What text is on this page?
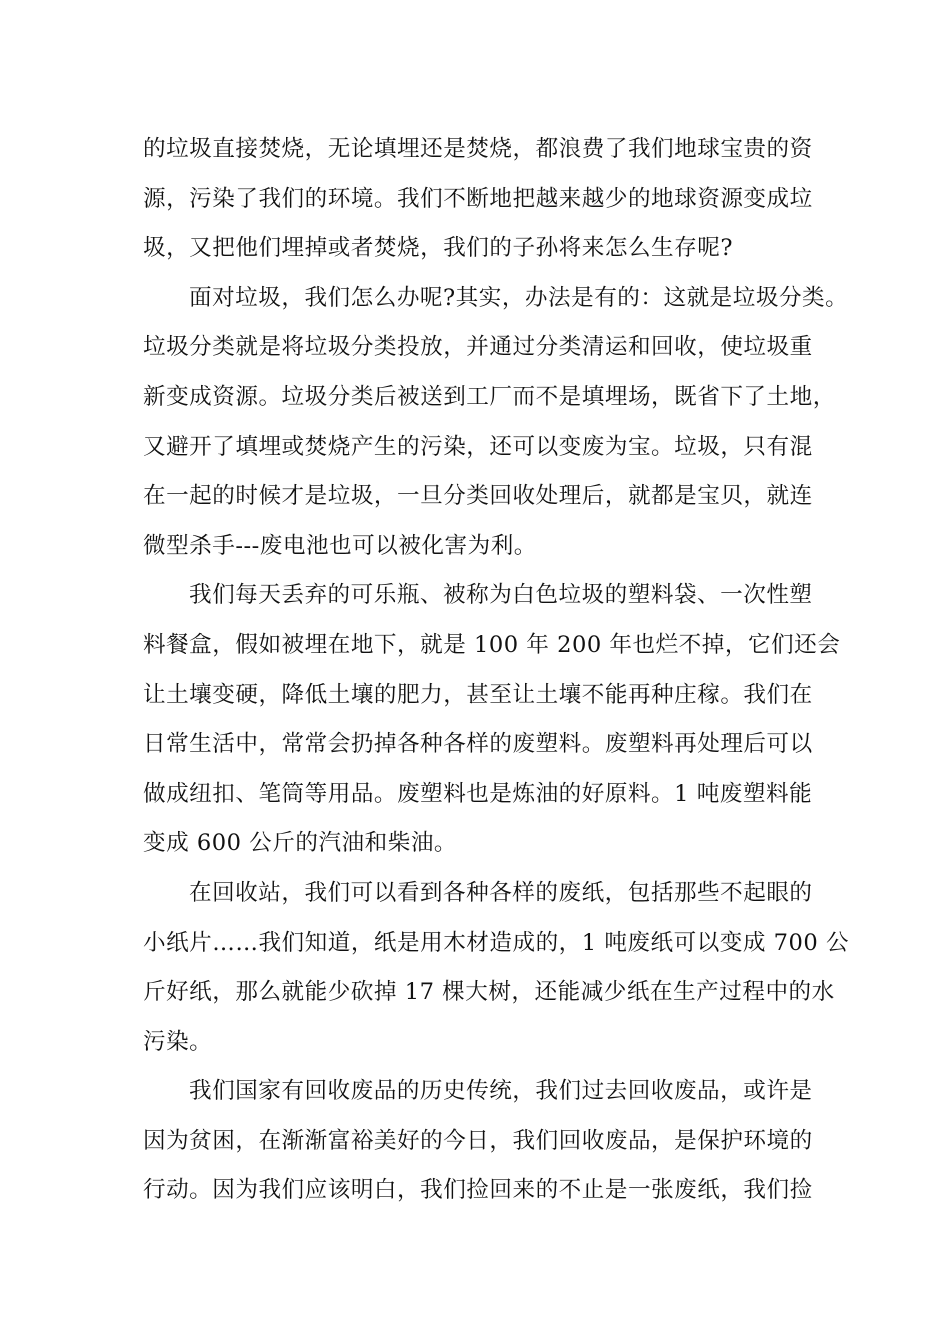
的垃圾直接焚烧，无论填埋还是焚烧，都浪费了我们地球宝贵的资
源，污染了我们的环境。我们不断地把越来越少的地球资源变成垃
圾，又把他们埋掉或者焚烧，我们的子孙将来怎么生存呢?
面对垃圾，我们怎么办呢?其实，办法是有的：这就是垃圾分类。
垃圾分类就是将垃圾分类投放，并通过分类清运和回收，使垃圾重
新变成资源。垃圾分类后被送到工厂而不是填埋场，既省下了土地，
又避开了填埋或焚烧产生的污染，还可以变废为宝。垃圾，只有混
在一起的时候才是垃圾，一旦分类回收处理后，就都是宝贝，就连
微型杀手---废电池也可以被化害为利。
我们每天丢弃的可乐瓶、被称为白色垃圾的塑料袋、一次性塑
料餐盒，假如被埋在地下，就是 100 年 200 年也烂不掉，它们还会
让土壤变硬，降低土壤的肥力，甚至让土壤不能再种庄稼。我们在
日常生活中，常常会扔掉各种各样的废塑料。废塑料再处理后可以
做成纽扣、笔筒等用品。废塑料也是炼油的好原料。1 吨废塑料能
变成 600 公斤的汽油和柴油。
在回收站，我们可以看到各种各样的废纸，包括那些不起眼的
小纸片……我们知道，纸是用木材造成的，1 吨废纸可以变成 700 公
斤好纸，那么就能少砍掉 17 棵大树，还能减少纸在生产过程中的水
污染。
我们国家有回收废品的历史传统，我们过去回收废品，或许是
因为贫困，在渐渐富裕美好的今日，我们回收废品，是保护环境的
行动。因为我们应该明白，我们捡回来的不止是一张废纸，我们捡
